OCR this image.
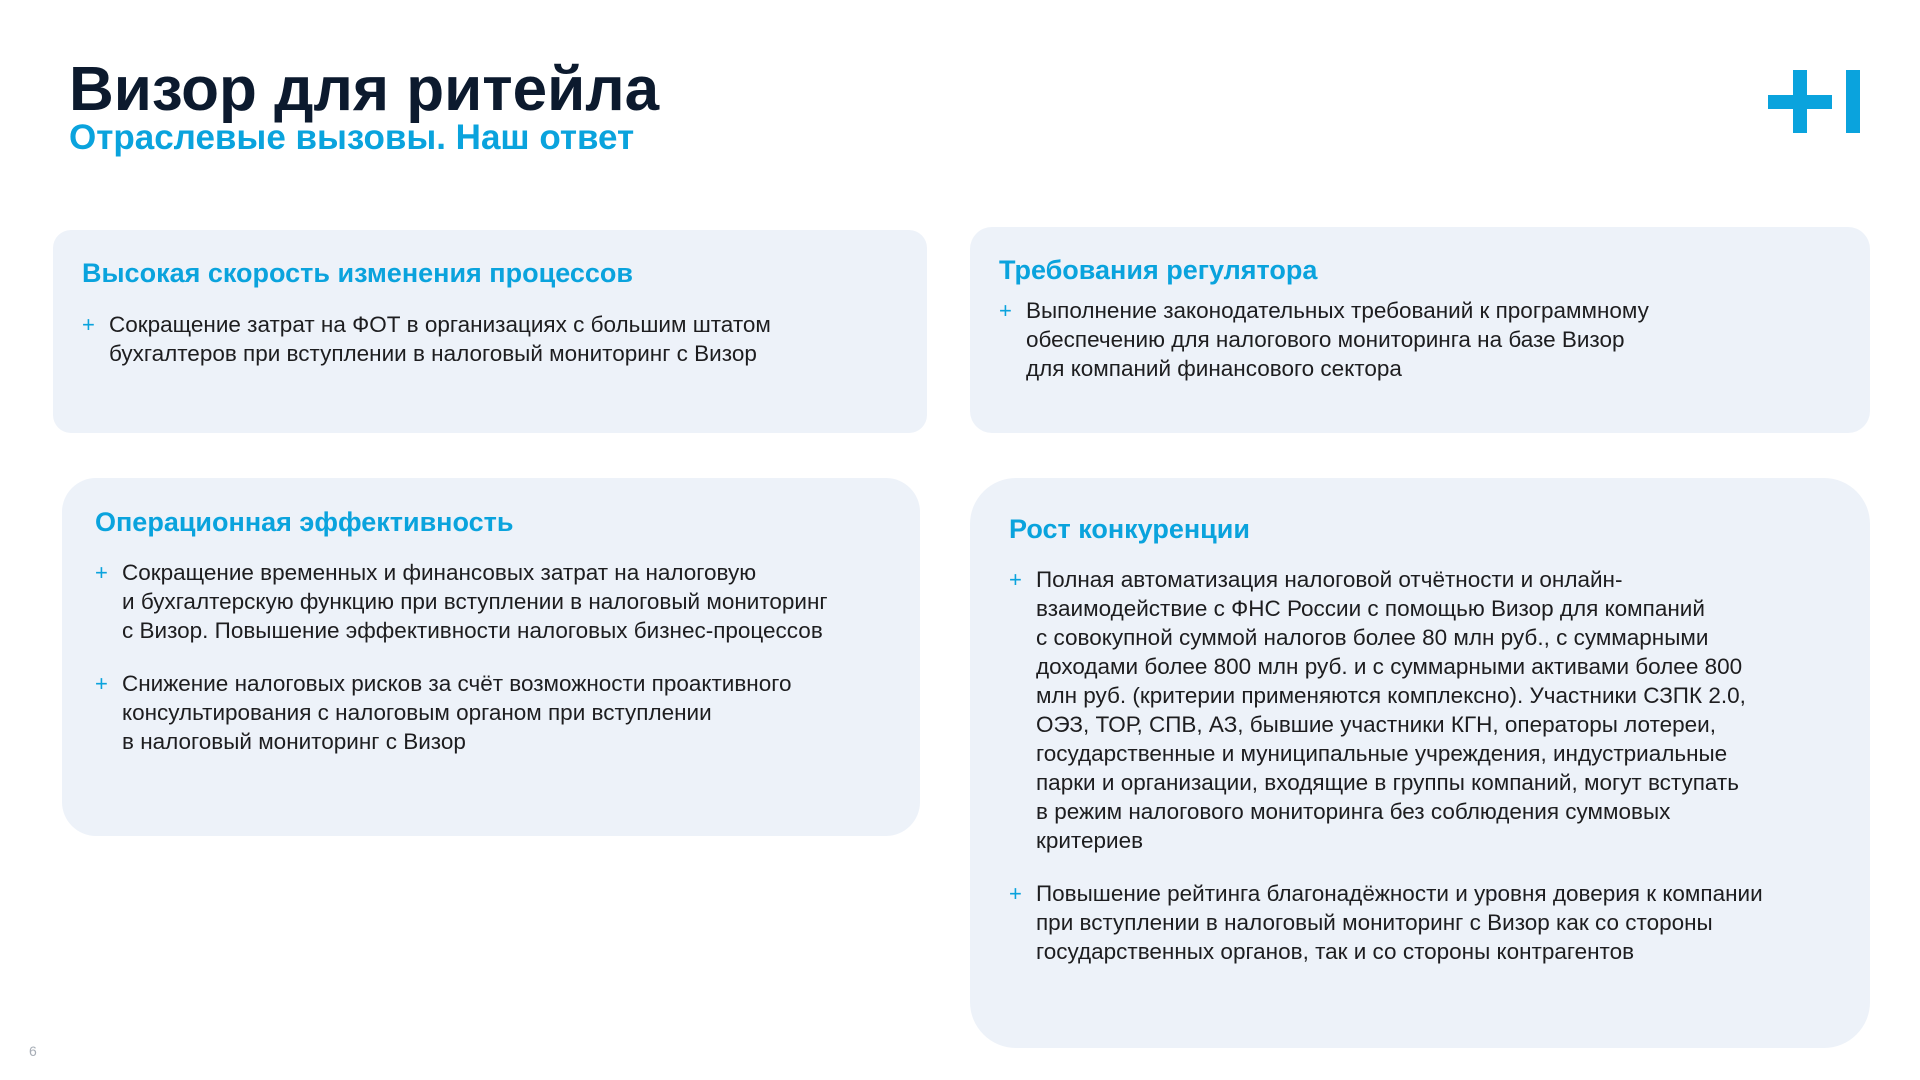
Визор для ритейла
Отраслевые вызовы. Наш ответ
Высокая скорость изменения процессов
+ Сокращение затрат на ФОТ в организациях с большим штатом
бухгалтеров при вступлении в налоговый мониторинг с Визор
Требования регулятора
+ Выполнение законодательных требований к программному
обеспечению для налогового мониторинга на базе Визор
для компаний финансового сектора
Операционная эффективность
+ Сокращение временных и финансовых затрат на налоговую
и бухгалтерскую функцию при вступлении в налоговый мониторинг
с Визор. Повышение эффективности налоговых бизнес-процессов
+ Снижение налоговых рисков за счёт возможности проактивного
консультирования с налоговым органом при вступлении
в налоговый мониторинг с Визор
Рост конкуренции
+ Полная автоматизация налоговой отчётности и онлайн-
взаимодействие с ФНС России с помощью Визор для компаний
с совокупной суммой налогов более 80 млн руб., с суммарными
доходами более 800 млн руб. и с суммарными активами более 800
млн руб. (критерии применяются комплексно). Участники СЗПК 2.0,
ОЭЗ, ТОР, СПВ, АЗ, бывшие участники КГН, операторы лотереи,
государственные и муниципальные учреждения, индустриальные
парки и организации, входящие в группы компаний, могут вступать
в режим налогового мониторинга без соблюдения суммовых
критериев
+ Повышение рейтинга благонадёжности и уровня доверия к компании
при вступлении в налоговый мониторинг с Визор как со стороны
государственных органов, так и со стороны контрагентов
6
